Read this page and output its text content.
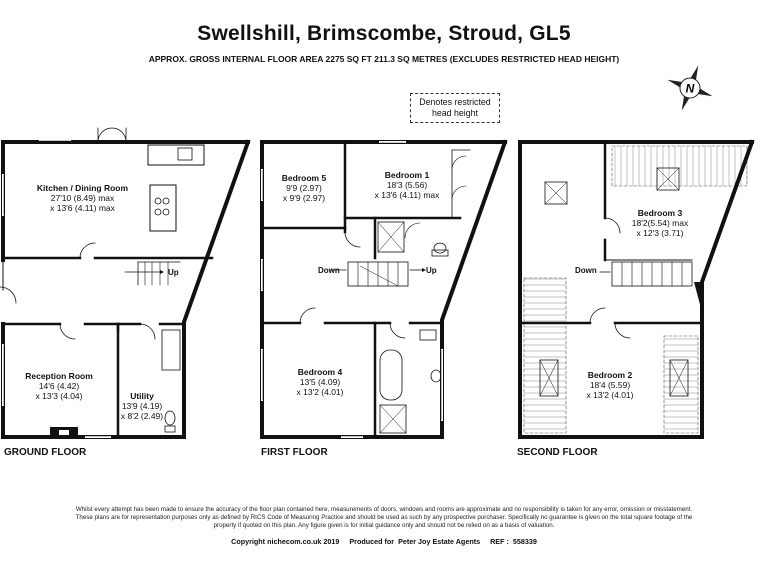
Swellshill, Brimscombe, Stroud, GL5
APPROX. GROSS INTERNAL FLOOR AREA 2275 SQ FT 211.3 SQ METRES (EXCLUDES RESTRICTED HEAD HEIGHT)
Denotes restricted head height
N
Kitchen / Dining Room
27'10 (8.49) max
x 13'6 (4.11) max
Reception Room
14'6 (4.42)
x 13'3 (4.04)	Utility
13'9 (4.19)
x 8'2 (2.49)
Up
GROUND FLOOR
Bedroom 5
9'9 (2.97)
x 9'9 (2.97)
Bedroom 1
18'3 (5.56)
x 13'6 (4.11) max
Bedroom 4
13'5 (4.09)
x 13'2 (4.01)
Down	Up
FIRST FLOOR
Bedroom 3
18'2(5.54) max
x 12'3 (3.71)
Bedroom 2
18'4 (5.59)
x 13'2 (4.01)
Down
SECOND FLOOR
Whilst every attempt has been made to ensure the accuracy of the floor plan contained here, measurements of doors, windows and rooms are approximate and no responsibility is taken for any error, omission or misstatement. These plans are for representation purposes only as defined by RICS Code of Measuring Practice and should be used as such by any prospective purchaser. Specifically no guarantee is given on the total square footage of the property if quoted on this plan. Any figure given is for initial guidance only and should not be relied on as a basis of valuation.
Copyright nichecom.co.uk 2019     Produced for  Peter Joy Estate Agents     REF :  558339
